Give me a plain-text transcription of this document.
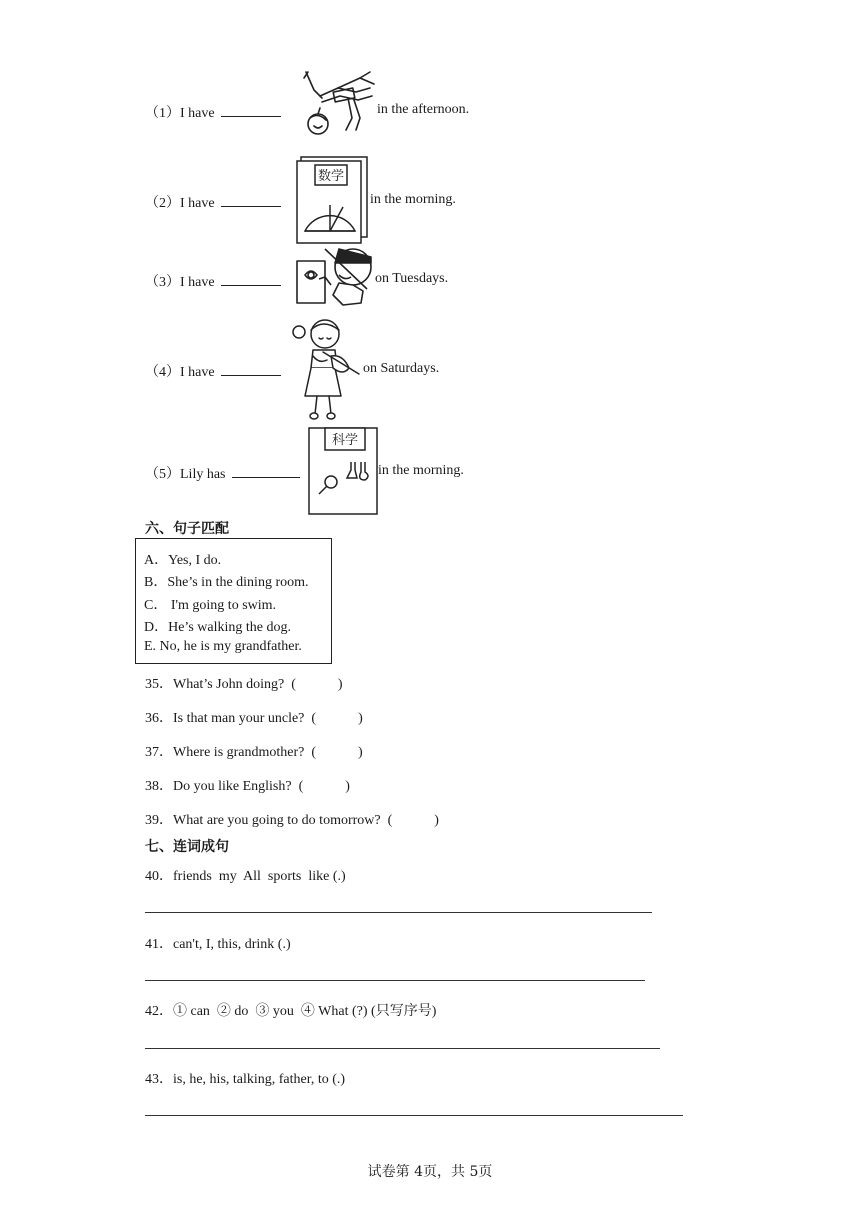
（1）I have	in the afternoon.
（2）I have
数学
in the morning.
（3）I have	on Tuesdays.
（4）I have	on Saturdays.
（5）Lily has
科学
in the morning.
六、句子匹配
A．Yes, I do.
B．She’s in the dining room.
C． I'm going to swim.
D．He’s walking the dog.
E. No, he is my grandfather.
35．What’s John doing? (            )
36．Is that man your uncle? (            )
37．Where is grandmother? (            )
38．Do you like English? (            )
39．What are you going to do tomorrow? (            )
七、连词成句
40．friends  my  All  sports  like (.)
41．can't, I, this, drink (.)
42．① can  ② do  ③ you  ④ What (?) (只写序号)
43．is, he, his, talking, father, to (.)
试卷第 4页，共 5页
